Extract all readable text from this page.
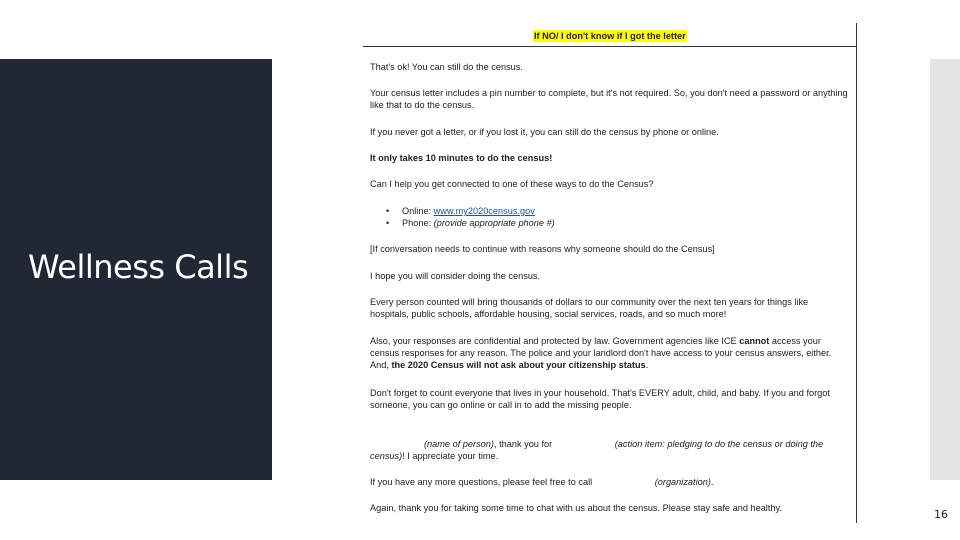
Wellness Calls
16
If NO/ I don't know if I got the letter

That's ok! You can still do the census.

Your census letter includes a pin number to complete, but it's not required. So, you don't need a password or anything like that to do the census.

If you never got a letter, or if you lost it, you can still do the census by phone or online.

It only takes 10 minutes to do the census!

Can I help you get connected to one of these ways to do the Census?

• Online: www.my2020census.gov
• Phone: (provide appropriate phone #)

[If conversation needs to continue with reasons why someone should do the Census]

I hope you will consider doing the census.

Every person counted will bring thousands of dollars to our community over the next ten years for things like hospitals, public schools, affordable housing, social services, roads, and so much more!

Also, your responses are confidential and protected by law. Government agencies like ICE cannot access your census responses for any reason. The police and your landlord don't have access to your census answers, either. And, the 2020 Census will not ask about your citizenship status.

Don't forget to count everyone that lives in your household. That's EVERY adult, child, and baby. If you and forgot someone, you can go online or call in to add the missing people.

(name of person), thank you for	(action item: pledging to do the census or doing the census)! I appreciate your time.

If you have any more questions, please feel free to call	(organization).

Again, thank you for taking some time to chat with us about the census. Please stay safe and healthy.
